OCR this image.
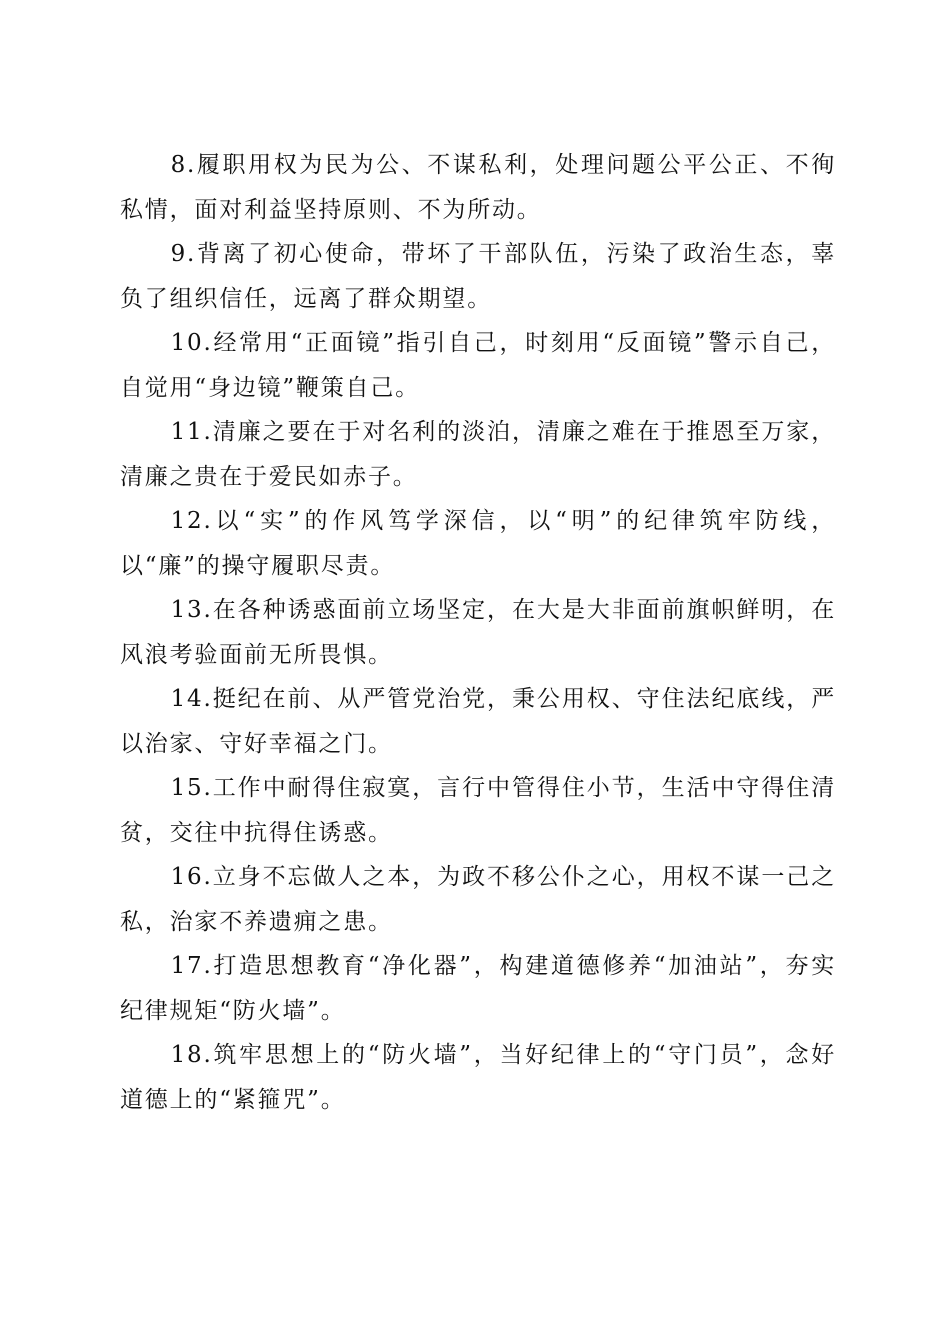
8.履职用权为民为公、不谋私利，处理问题公平公正、不徇私情，面对利益坚持原则、不为所动。

9.背离了初心使命，带坏了干部队伍，污染了政治生态，辜负了组织信任，远离了群众期望。

10.经常用“正面镜”指引自己，时刻用“反面镜”警示自己，自觉用“身边镜”鞭策自己。

11.清廉之要在于对名利的淡泊，清廉之难在于推恩至万家，清廉之贵在于爱民如赤子。

12.以“实”的作风笃学深信，以“明”的纪律筑牢防线，以“廉”的操守履职尽责。

13.在各种诱惑面前立场坚定，在大是大非面前旗帜鲜明，在风浪考验面前无所畏惧。

14.挺纪在前、从严管党治党，秉公用权、守住法纪底线，严以治家、守好幸福之门。

15.工作中耐得住寂寞，言行中管得住小节，生活中守得住清贫，交往中抗得住诱惑。

16.立身不忘做人之本，为政不移公仆之心，用权不谋一己之私，治家不养遗痈之患。

17.打造思想教育“净化器”，构建道德修养“加油站”，夯实纪律规矩“防火墙”。

18.筑牢思想上的“防火墙”，当好纪律上的“守门员”，念好道德上的“紧箍咒”。
